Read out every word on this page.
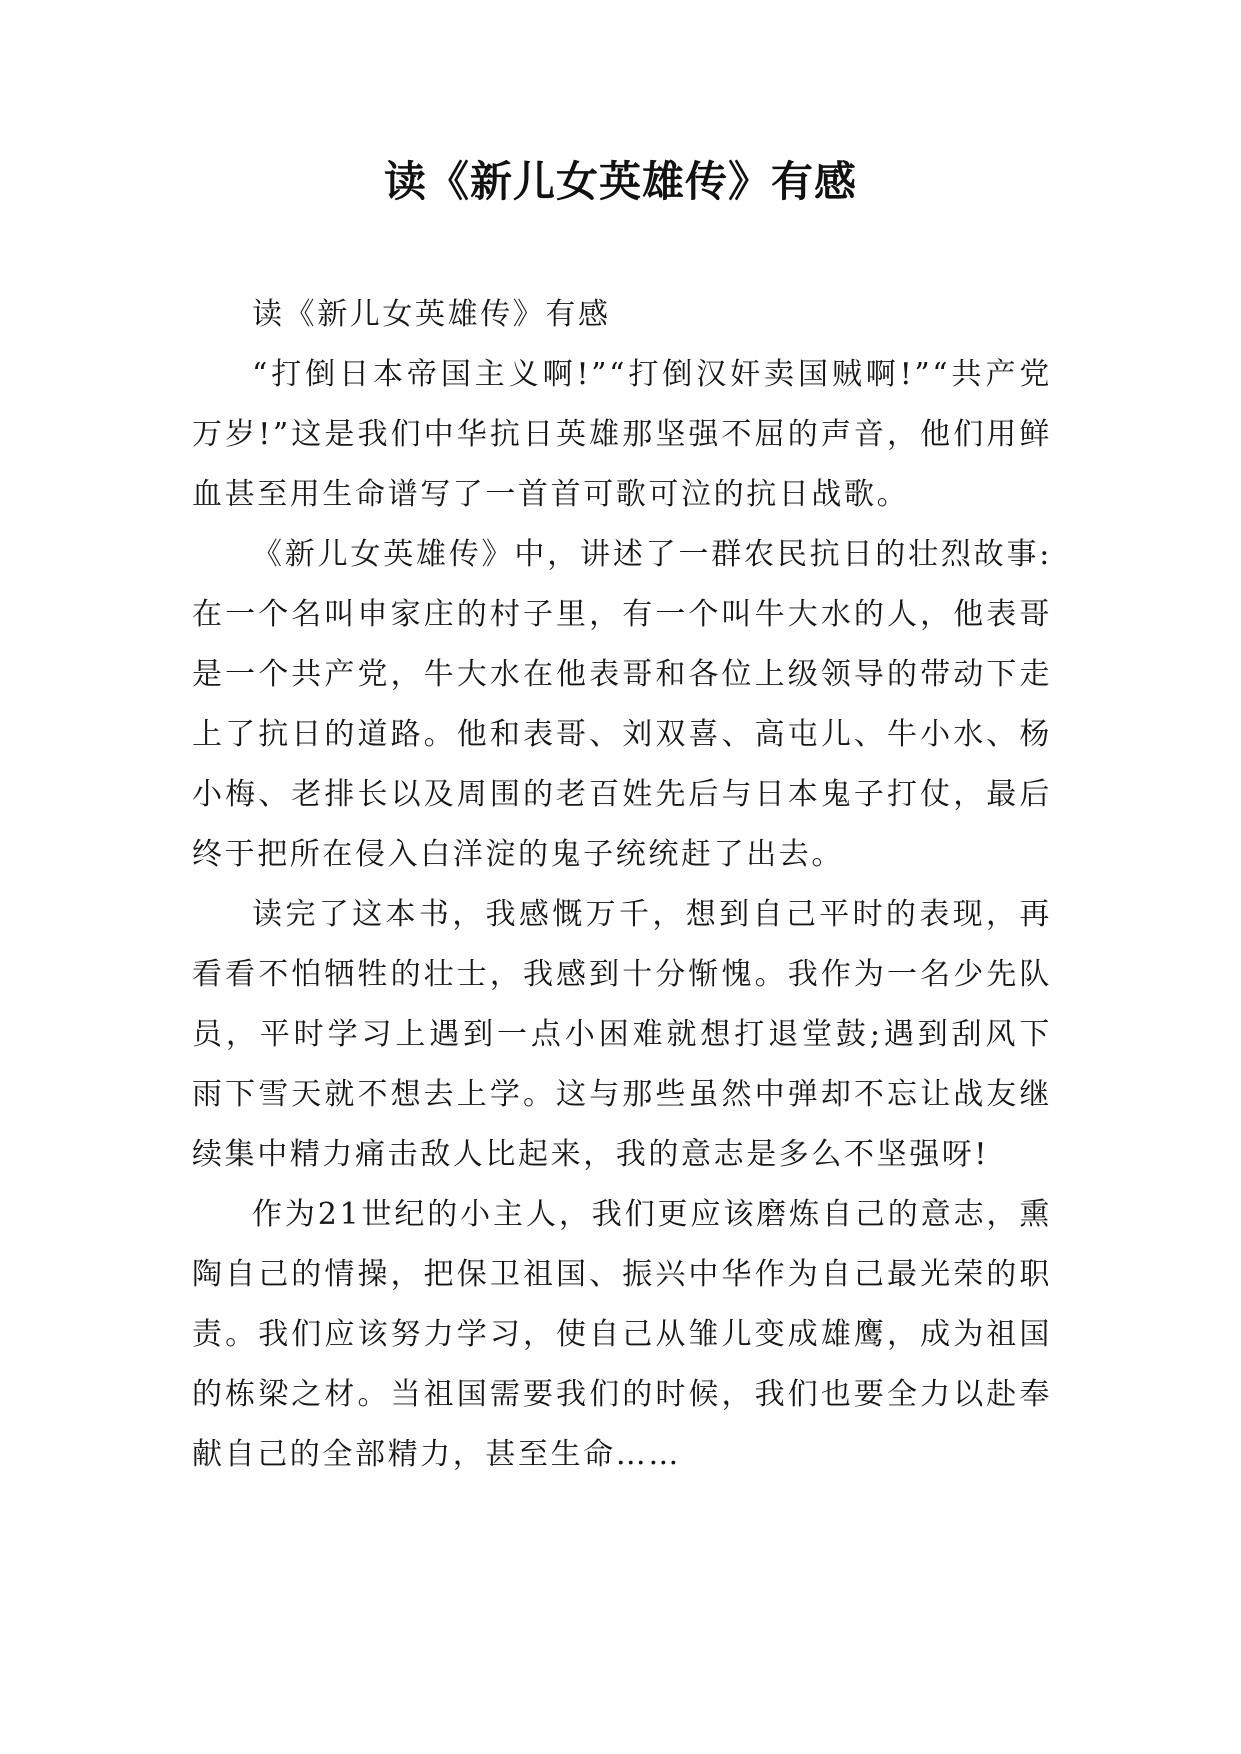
读《新儿女英雄传》有感

读《新儿女英雄传》有感

“打倒日本帝国主义啊!”“打倒汉奸卖国贼啊!”“共产党万岁!”这是我们中华抗日英雄那坚强不屈的声音，他们用鲜血甚至用生命谱写了一首首可歌可泣的抗日战歌。

《新儿女英雄传》中，讲述了一群农民抗日的壮烈故事:在一个名叫申家庄的村子里，有一个叫牛大水的人，他表哥是一个共产党，牛大水在他表哥和各位上级领导的带动下走上了抗日的道路。他和表哥、刘双喜、高屯儿、牛小水、杨小梅、老排长以及周围的老百姓先后与日本鬼子打仗，最后终于把所在侵入白洋淀的鬼子统统赶了出去。

读完了这本书，我感慨万千，想到自己平时的表现，再看看不怕牺牲的壮士，我感到十分惭愧。我作为一名少先队员，平时学习上遇到一点小困难就想打退堂鼓;遇到刮风下雨下雪天就不想去上学。这与那些虽然中弹却不忘让战友继续集中精力痛击敌人比起来，我的意志是多么不坚强呀!

作为21世纪的小主人，我们更应该磨炼自己的意志，熏陶自己的情操，把保卫祖国、振兴中华作为自己最光荣的职责。我们应该努力学习，使自己从雏儿变成雄鹰，成为祖国的栋梁之材。当祖国需要我们的时候，我们也要全力以赴奉献自己的全部精力，甚至生命……
